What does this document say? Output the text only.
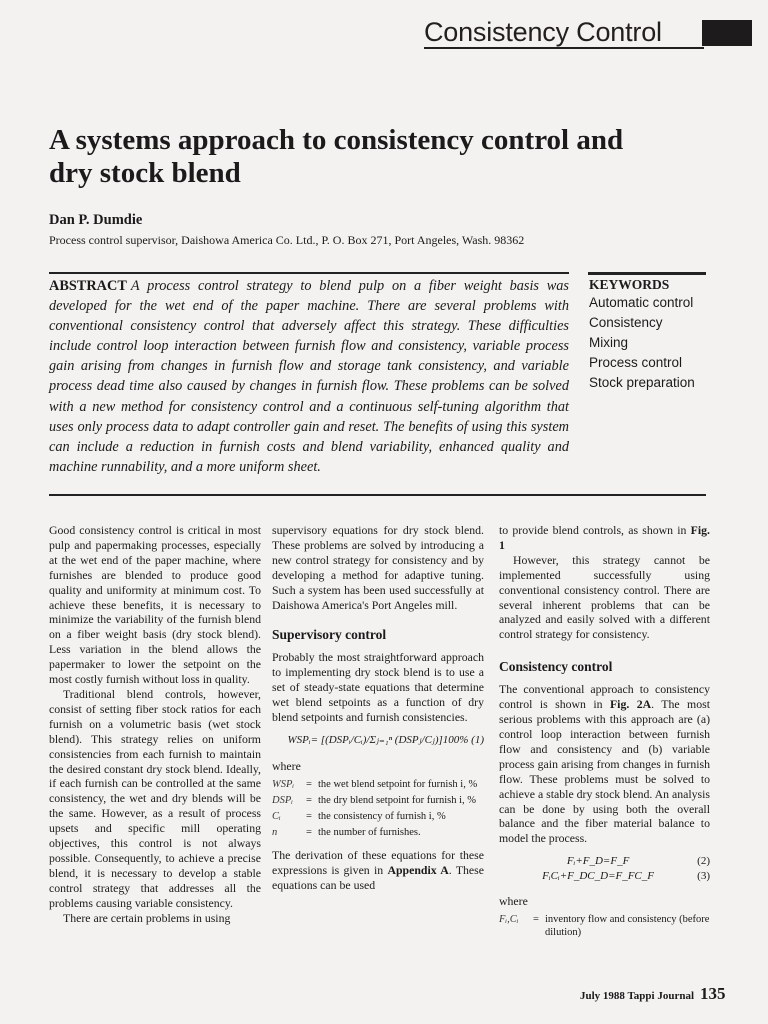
Consistency Control
A systems approach to consistency control and dry stock blend
Dan P. Dumdie
Process control supervisor, Daishowa America Co. Ltd., P. O. Box 271, Port Angeles, Wash. 98362
ABSTRACT A process control strategy to blend pulp on a fiber weight basis was developed for the wet end of the paper machine. There are several problems with conventional consistency control that adversely affect this strategy. These difficulties include control loop interaction between furnish flow and consistency, variable process gain arising from changes in furnish flow and storage tank consistency, and variable process dead time also caused by changes in furnish flow. These problems can be solved with a new method for consistency control and a continuous self-tuning algorithm that uses only process data to adapt controller gain and reset. The benefits of using this system can include a reduction in furnish costs and blend variability, enhanced quality and machine runnability, and a more uniform sheet.
KEYWORDS
Automatic control
Consistency
Mixing
Process control
Stock preparation

Good consistency control is critical in most pulp and papermaking processes, especially at the wet end of the paper machine, where furnishes are blended to produce good quality and uniformity at minimum cost. To achieve these benefits, it is necessary to minimize the variability of the furnish blend on a fiber weight basis (dry stock blend). Less variation in the blend allows the papermaker to lower the setpoint on the most costly furnish without loss in quality.

Traditional blend controls, however, consist of setting fiber stock ratios for each furnish on a volumetric basis (wet stock blend). This strategy relies on uniform consistencies from each furnish to maintain the desired constant dry stock blend. Ideally, if each furnish can be controlled at the same consistency, the wet and dry blends will be the same. However, as a result of process upsets and specific mill operating objectives, this control is not always possible. Consequently, to achieve a precise blend, it is necessary to develop a stable control strategy that addresses all the problems causing variable consistency.

There are certain problems in using

supervisory equations for dry stock blend. These problems are solved by introducing a new control strategy for consistency and by developing a method for adaptive tuning. Such a system has been used successfully at Daishowa America's Port Angeles mill.

Supervisory control

Probably the most straightforward approach to implementing dry stock blend is to use a set of steady-state equations that determine wet blend setpoints as a function of dry blend setpoints and furnish consistencies.

WSPᵢ= [(DSPᵢ/Cᵢ)/Σⱼ₌₁ⁿ (DSPⱼ/Cⱼ)]100% (1)

where

WSPᵢ	=	the wet blend setpoint for furnish i, %
DSPᵢ	=	the dry blend setpoint for furnish i, %
Cᵢ	=	the consistency of furnish i, %
n	=	the number of furnishes.

The derivation of these equations for these expressions is given in Appendix A. These equations can be used

to provide blend controls, as shown in Fig. 1

However, this strategy cannot be implemented successfully using conventional consistency control. There are several inherent problems that can be analyzed and easily solved with a different control strategy for consistency.

Consistency control

The conventional approach to consistency control is shown in Fig. 2A. The most serious problems with this approach are (a) control loop interaction between furnish flow and consistency and (b) variable process gain arising from changes in furnish flow. These problems must be solved to achieve a stable dry stock blend. An analysis can be done by using both the overall balance and the fiber material balance to model the process.

Fᵢ+F_D=F_F	(2)
FᵢCᵢ+F_DC_D=F_FC_F	(3)

where

Fᵢ,Cᵢ	=	inventory flow and consistency (before dilution)
July 1988 Tappi Journal 135
